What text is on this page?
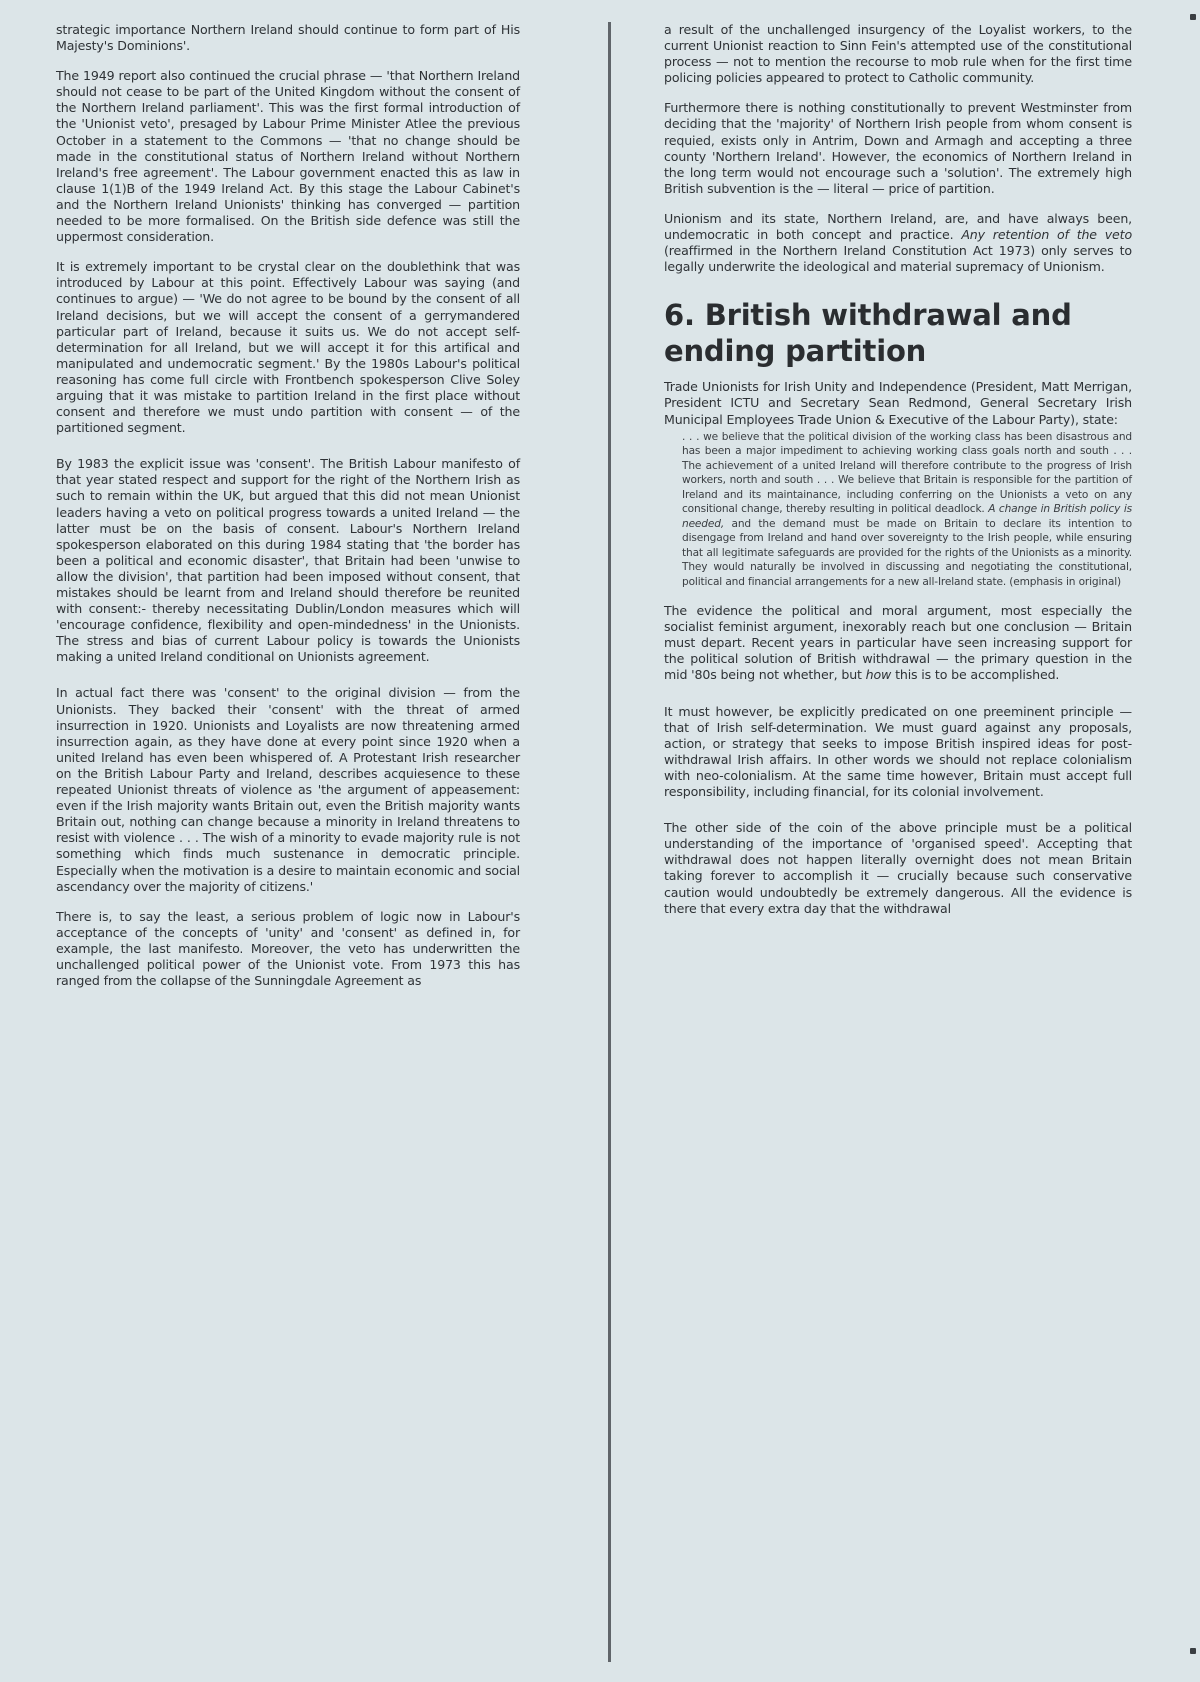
strategic importance Northern Ireland should continue to form part of His Majesty's Dominions'.

The 1949 report also continued the crucial phrase — 'that Northern Ireland should not cease to be part of the United Kingdom without the consent of the Northern Ireland parliament'. This was the first formal introduction of the 'Unionist veto', presaged by Labour Prime Minister Atlee the previous October in a statement to the Commons — 'that no change should be made in the constitutional status of Northern Ireland without Northern Ireland's free agreement'. The Labour government enacted this as law in clause 1(1)B of the 1949 Ireland Act. By this stage the Labour Cabinet's and the Northern Ireland Unionists' thinking has converged — partition needed to be more formalised. On the British side defence was still the uppermost consideration.

It is extremely important to be crystal clear on the doublethink that was introduced by Labour at this point. Effectively Labour was saying (and continues to argue) — 'We do not agree to be bound by the consent of all Ireland decisions, but we will accept the consent of a gerrymandered particular part of Ireland, because it suits us. We do not accept self-determination for all Ireland, but we will accept it for this artifical and manipulated and undemocratic segment.' By the 1980s Labour's political reasoning has come full circle with Frontbench spokesperson Clive Soley arguing that it was mistake to partition Ireland in the first place without consent and therefore we must undo partition with consent — of the partitioned segment.

By 1983 the explicit issue was 'consent'. The British Labour manifesto of that year stated respect and support for the right of the Northern Irish as such to remain within the UK, but argued that this did not mean Unionist leaders having a veto on political progress towards a united Ireland — the latter must be on the basis of consent. Labour's Northern Ireland spokesperson elaborated on this during 1984 stating that 'the border has been a political and economic disaster', that Britain had been 'unwise to allow the division', that partition had been imposed without consent, that mistakes should be learnt from and Ireland should therefore be reunited with consent:- thereby necessitating Dublin/London measures which will 'encourage confidence, flexibility and open-mindedness' in the Unionists. The stress and bias of current Labour policy is towards the Unionists making a united Ireland conditional on Unionists agreement.

In actual fact there was 'consent' to the original division — from the Unionists. They backed their 'consent' with the threat of armed insurrection in 1920. Unionists and Loyalists are now threatening armed insurrection again, as they have done at every point since 1920 when a united Ireland has even been whispered of. A Protestant Irish researcher on the British Labour Party and Ireland, describes acquiesence to these repeated Unionist threats of violence as 'the argument of appeasement: even if the Irish majority wants Britain out, even the British majority wants Britain out, nothing can change because a minority in Ireland threatens to resist with violence . . . The wish of a minority to evade majority rule is not something which finds much sustenance in democratic principle. Especially when the motivation is a desire to maintain economic and social ascendancy over the majority of citizens.'

There is, to say the least, a serious problem of logic now in Labour's acceptance of the concepts of 'unity' and 'consent' as defined in, for example, the last manifesto. Moreover, the veto has underwritten the unchallenged political power of the Unionist vote. From 1973 this has ranged from the collapse of the Sunningdale Agreement as

a result of the unchallenged insurgency of the Loyalist workers, to the current Unionist reaction to Sinn Fein's attempted use of the constitutional process — not to mention the recourse to mob rule when for the first time policing policies appeared to protect to Catholic community.

Furthermore there is nothing constitutionally to prevent Westminster from deciding that the 'majority' of Northern Irish people from whom consent is requied, exists only in Antrim, Down and Armagh and accepting a three county 'Northern Ireland'. However, the economics of Northern Ireland in the long term would not encourage such a 'solution'. The extremely high British subvention is the — literal — price of partition.

Unionism and its state, Northern Ireland, are, and have always been, undemocratic in both concept and practice. Any retention of the veto (reaffirmed in the Northern Ireland Constitution Act 1973) only serves to legally underwrite the ideological and material supremacy of Unionism.

6. British withdrawal and ending partition

Trade Unionists for Irish Unity and Independence (President, Matt Merrigan, President ICTU and Secretary Sean Redmond, General Secretary Irish Municipal Employees Trade Union & Executive of the Labour Party), state:

. . . we believe that the political division of the working class has been disastrous and has been a major impediment to achieving working class goals north and south . . . The achievement of a united Ireland will therefore contribute to the progress of Irish workers, north and south . . . We believe that Britain is responsible for the partition of Ireland and its maintainance, including conferring on the Unionists a veto on any consitional change, thereby resulting in political deadlock. A change in British policy is needed, and the demand must be made on Britain to declare its intention to disengage from Ireland and hand over sovereignty to the Irish people, while ensuring that all legitimate safeguards are provided for the rights of the Unionists as a minority. They would naturally be involved in discussing and negotiating the constitutional, political and financial arrangements for a new all-Ireland state. (emphasis in original)

The evidence the political and moral argument, most especially the socialist feminist argument, inexorably reach but one conclusion — Britain must depart. Recent years in particular have seen increasing support for the political solution of British withdrawal — the primary question in the mid '80s being not whether, but how this is to be accomplished.

It must however, be explicitly predicated on one preeminent principle — that of Irish self-determination. We must guard against any proposals, action, or strategy that seeks to impose British inspired ideas for post-withdrawal Irish affairs. In other words we should not replace colonialism with neo-colonialism. At the same time however, Britain must accept full responsibility, including financial, for its colonial involvement.

The other side of the coin of the above principle must be a political understanding of the importance of 'organised speed'. Accepting that withdrawal does not happen literally overnight does not mean Britain taking forever to accomplish it — crucially because such conservative caution would undoubtedly be extremely dangerous. All the evidence is there that every extra day that the withdrawal
